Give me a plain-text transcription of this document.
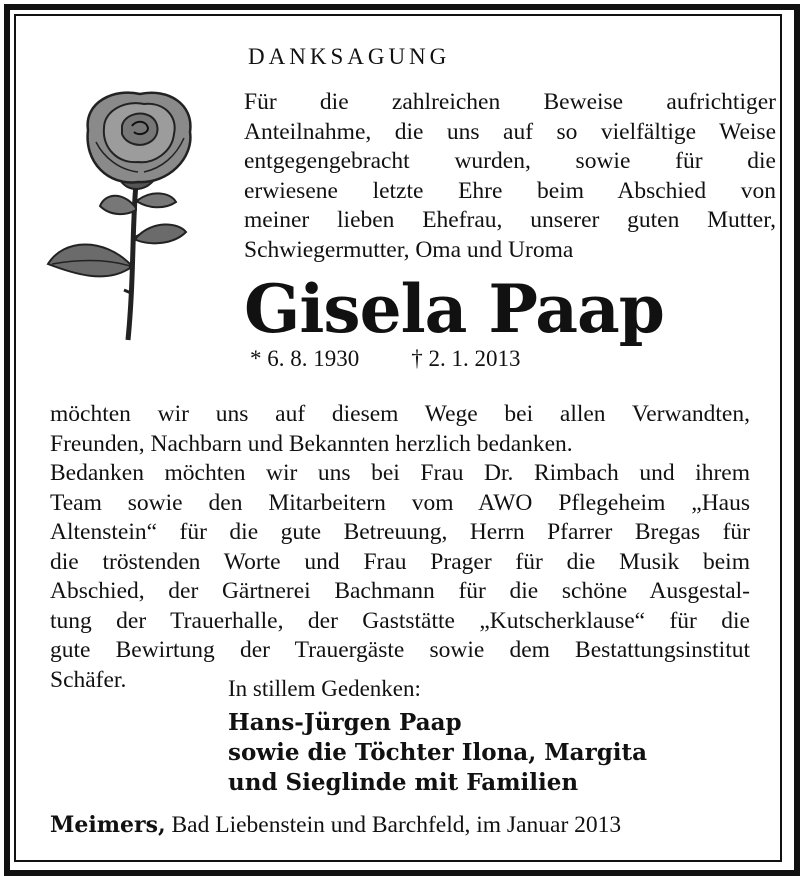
DANKSAGUNG
Für die zahlreichen Beweise aufrichtiger
Anteilnahme, die uns auf so vielfältige Weise
entgegengebracht wurden, sowie für die
erwiesene letzte Ehre beim Abschied von
meiner lieben Ehefrau, unserer guten Mutter,
Schwiegermutter, Oma und Uroma
Gisela Paap
* 6. 8. 1930 † 2. 1. 2013
möchten wir uns auf diesem Wege bei allen Verwandten,
Freunden, Nachbarn und Bekannten herzlich bedanken.
Bedanken möchten wir uns bei Frau Dr. Rimbach und ihrem
Team sowie den Mitarbeitern vom AWO Pflegeheim „Haus
Altenstein“ für die gute Betreuung, Herrn Pfarrer Bregas für
die tröstenden Worte und Frau Prager für die Musik beim
Abschied, der Gärtnerei Bachmann für die schöne Ausgestal-
tung der Trauerhalle, der Gaststätte „Kutscherklause“ für die
gute Bewirtung der Trauergäste sowie dem Bestattungsinstitut
Schäfer.	In stillem Gedenken:
Hans-Jürgen Paap
sowie die Töchter Ilona, Margita
und Sieglinde mit Familien
Meimers, Bad Liebenstein und Barchfeld, im Januar 2013
